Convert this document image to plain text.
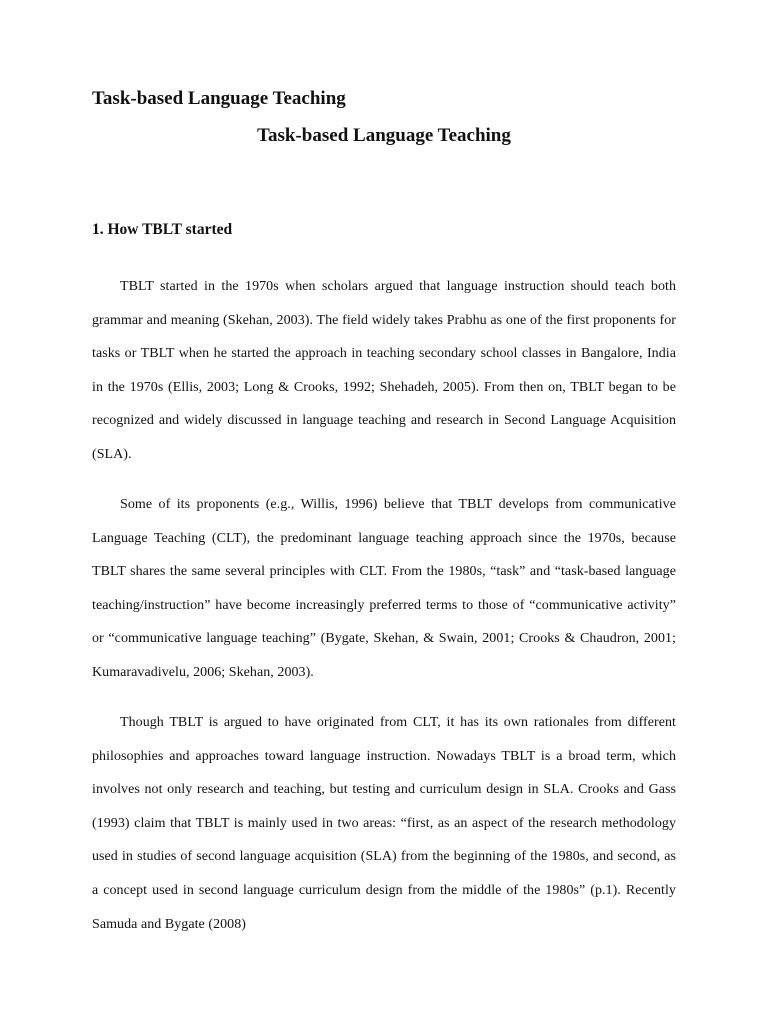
Task-based Language Teaching
Task-based Language Teaching
1. How TBLT started

TBLT started in the 1970s when scholars argued that language instruction should teach both grammar and meaning (Skehan, 2003). The field widely takes Prabhu as one of the first proponents for tasks or TBLT when he started the approach in teaching secondary school classes in Bangalore, India in the 1970s (Ellis, 2003; Long & Crooks, 1992; Shehadeh, 2005). From then on, TBLT began to be recognized and widely discussed in language teaching and research in Second Language Acquisition (SLA).

Some of its proponents (e.g., Willis, 1996) believe that TBLT develops from communicative Language Teaching (CLT), the predominant language teaching approach since the 1970s, because TBLT shares the same several principles with CLT. From the 1980s, “task” and “task-based language teaching/instruction” have become increasingly preferred terms to those of “communicative activity” or “communicative language teaching” (Bygate, Skehan, & Swain, 2001; Crooks & Chaudron, 2001; Kumaravadivelu, 2006; Skehan, 2003).

Though TBLT is argued to have originated from CLT, it has its own rationales from different philosophies and approaches toward language instruction. Nowadays TBLT is a broad term, which involves not only research and teaching, but testing and curriculum design in SLA. Crooks and Gass (1993) claim that TBLT is mainly used in two areas: “first, as an aspect of the research methodology used in studies of second language acquisition (SLA) from the beginning of the 1980s, and second, as a concept used in second language curriculum design from the middle of the 1980s” (p.1). Recently Samuda and Bygate (2008)
